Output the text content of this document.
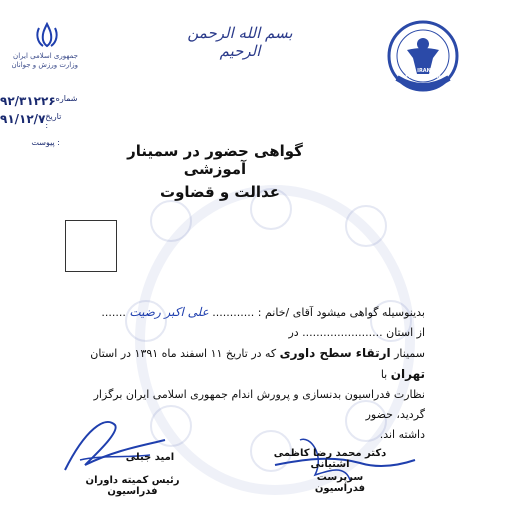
جمهوری اسلامی ایران
وزارت ورزش و جوانان
۹۲/۳۱۲۲۶ شماره
۹۱/۱۲/۷ تاریخ :
پیوست :
بسم الله الرحمن الرحیم
I.R. IRAN BB FEDERATION
گواهی حضور در سمینار آموزشی
عدالت و قضاوت
بدینوسیله گواهی میشود آقای /خانم : ............ علی اکبر رضیت ....... از استان ....................... در
سمینار ارتقاء سطح داوری که در تاریخ ۱۱ اسفند ماه ۱۳۹۱ در استان تهران با
نظارت فدراسیون بدنسازی و پرورش اندام جمهوری اسلامی ایران برگزار گردید، حضور
داشته اند.
امید جبلی
رئیس کمیته داوران فدراسیون
دکتر محمد رضا کاظمی اشتیانی
سرپرست فدراسیون
